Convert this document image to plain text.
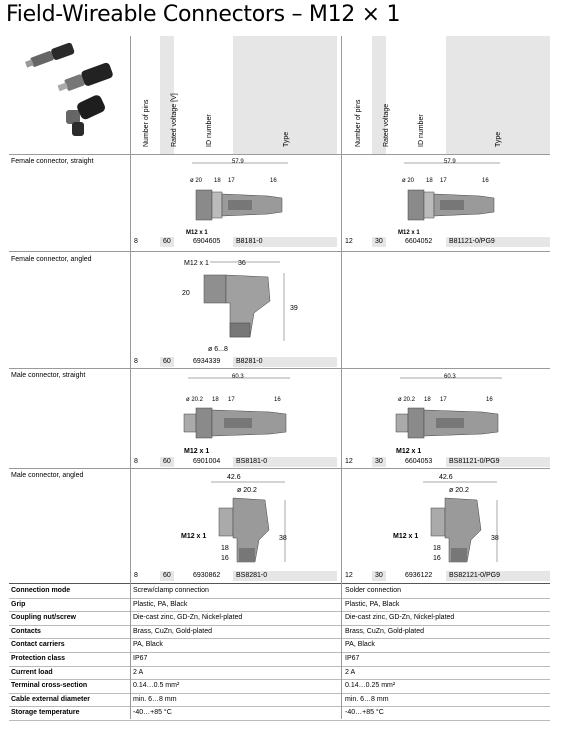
Field-Wireable Connectors – M12 × 1
Number of pins	Rated voltage [V]	ID number	Type	Number of pins	Rated voltage	ID number	Type
Female connector, straight
Female connector, angled
Male connector, straight
Male connector, angled
57.9
ø 20 18 17	16
M12 x 1
57.9
ø 20 18 17	16
M12 x 1
M12 x 1	36
20
39
ø 6...8
60.3
ø 20.2 18 17	16
M12 x 1
60.3
ø 20.2 18 17	16
M12 x 1
42.6
ø 20.2
M12 x 1
18
16
38
42.6
ø 20.2
M12 x 1
18
16
38
8	60	6904605 B8181-0	12	30	6604052 B81121-0/PG9
8	60	6934339 B8281-0
8	60	6901004 BS8181-0	12	30	6604053 BS81121-0/PG9
8	60	6930862 BS8281-0	12	30	6936122 BS82121-0/PG9
Connection mode	Screw/clamp connection	Solder connection
Grip	Plastic, PA, Black	Plastic, PA, Black
Coupling nut/screw	Die-cast zinc, GD-Zn, Nickel-plated	Die-cast zinc, GD-Zn, Nickel-plated
Contacts	Brass, CuZn, Gold-plated	Brass, CuZn, Gold-plated
Contact carriers	PA, Black	PA, Black
Protection class	IP67	IP67
Current load	2 A	2 A
Terminal cross-section	0.14…0.5 mm²	0.14…0.25 mm²
Cable external diameter	min. 6…8 mm	min. 6…8 mm
Storage temperature	-40…+85 °C	-40…+85 °C
